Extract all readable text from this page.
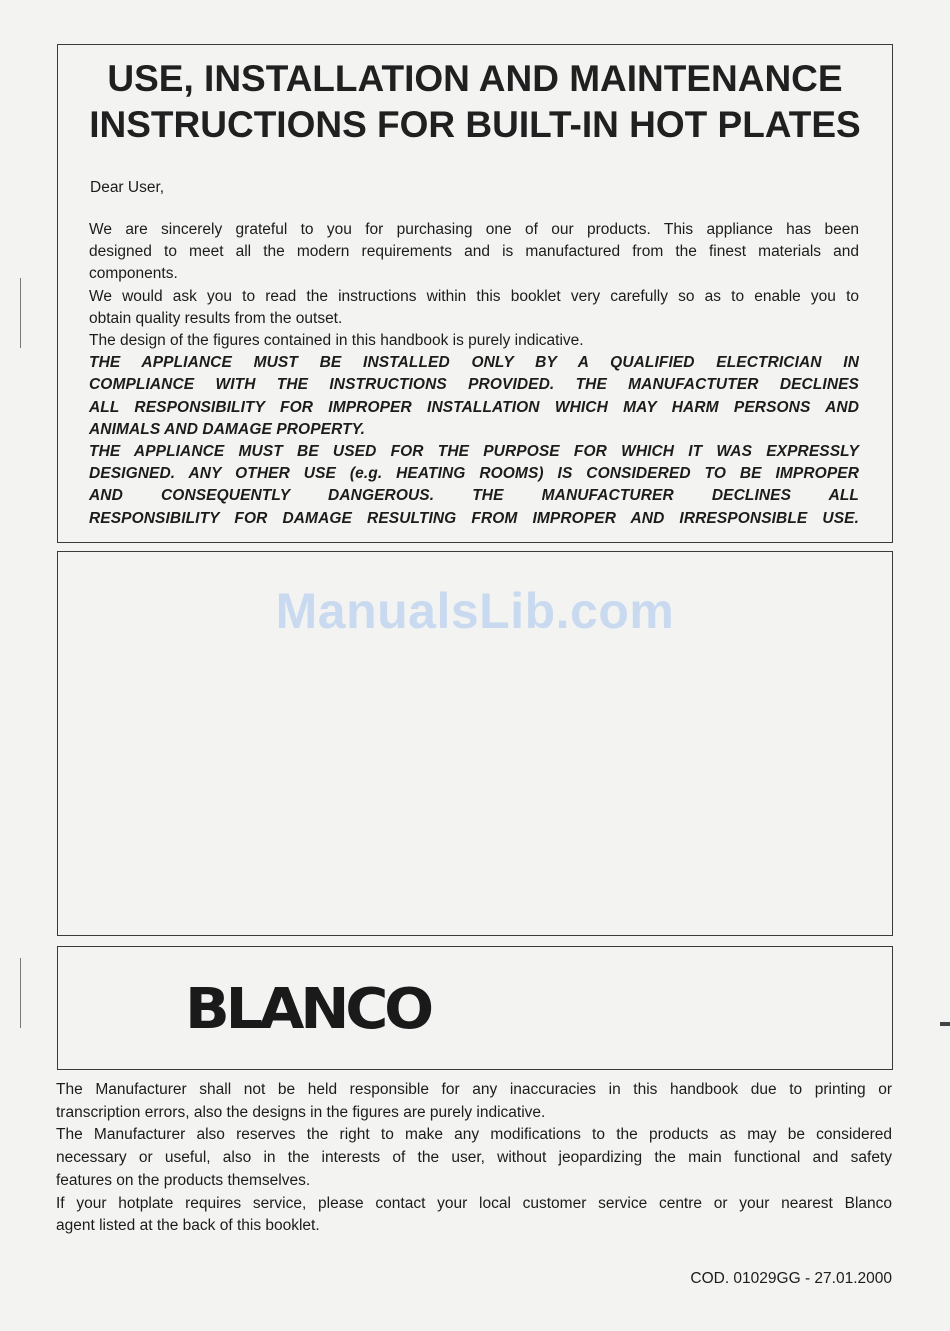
USE, INSTALLATION AND MAINTENANCE
INSTRUCTIONS FOR BUILT-IN HOT PLATES
Dear User,

We are sincerely grateful to you for purchasing one of our products. This appliance has been
designed to meet all the modern requirements and is manufactured from the finest materials and
components.

We would ask you to read the instructions within this booklet very carefully so as to enable you to
obtain quality results from the outset.

The design of the figures contained in this handbook is purely indicative.

THE APPLIANCE MUST BE INSTALLED ONLY BY A QUALIFIED ELECTRICIAN IN
COMPLIANCE WITH THE INSTRUCTIONS PROVIDED. THE MANUFACTUTER DECLINES
ALL RESPONSIBILITY FOR IMPROPER INSTALLATION WHICH MAY HARM PERSONS AND
ANIMALS AND DAMAGE PROPERTY.

THE APPLIANCE MUST BE USED FOR THE PURPOSE FOR WHICH IT WAS EXPRESSLY
DESIGNED. ANY OTHER USE (e.g. HEATING ROOMS) IS CONSIDERED TO BE IMPROPER
AND CONSEQUENTLY DANGEROUS. THE MANUFACTURER DECLINES ALL
RESPONSIBILITY FOR DAMAGE RESULTING FROM IMPROPER AND IRRESPONSIBLE USE.

ManualsLib.com
BLANCO

The Manufacturer shall not be held responsible for any inaccuracies in this handbook due to printing or
transcription errors, also the designs in the figures are purely indicative.

The Manufacturer also reserves the right to make any modifications to the products as may be considered
necessary or useful, also in the interests of the user, without jeopardizing the main functional and safety
features on the products themselves.

If your hotplate requires service, please contact your local customer service centre or your nearest Blanco
agent listed at the back of this booklet.

COD. 01029GG - 27.01.2000
